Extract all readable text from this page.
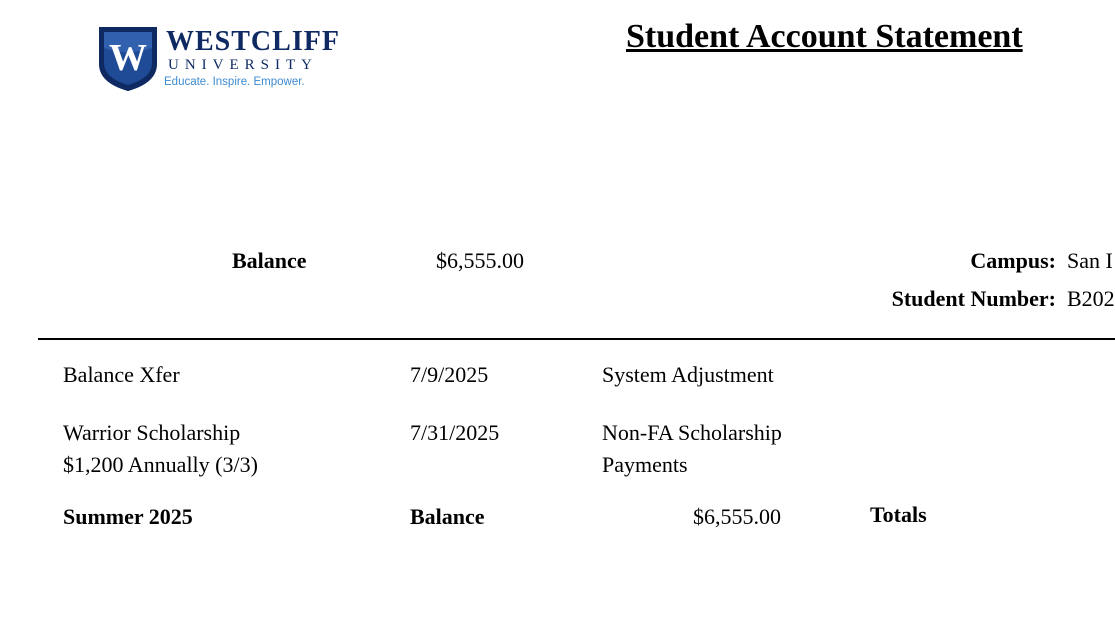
W WESTCLIFF
UNIVERSITY
Educate. Inspire. Empower.
Student Account Statement
Balance	$6,555.00	Campus: San I
Student Number: B202
Balance Xfer	7/9/2025	System Adjustment
Warrior Scholarship
$1,200 Annually (3/3)
7/31/2025	Non-FA Scholarship
Payments
Summer 2025	Balance	$6,555.00	Totals
